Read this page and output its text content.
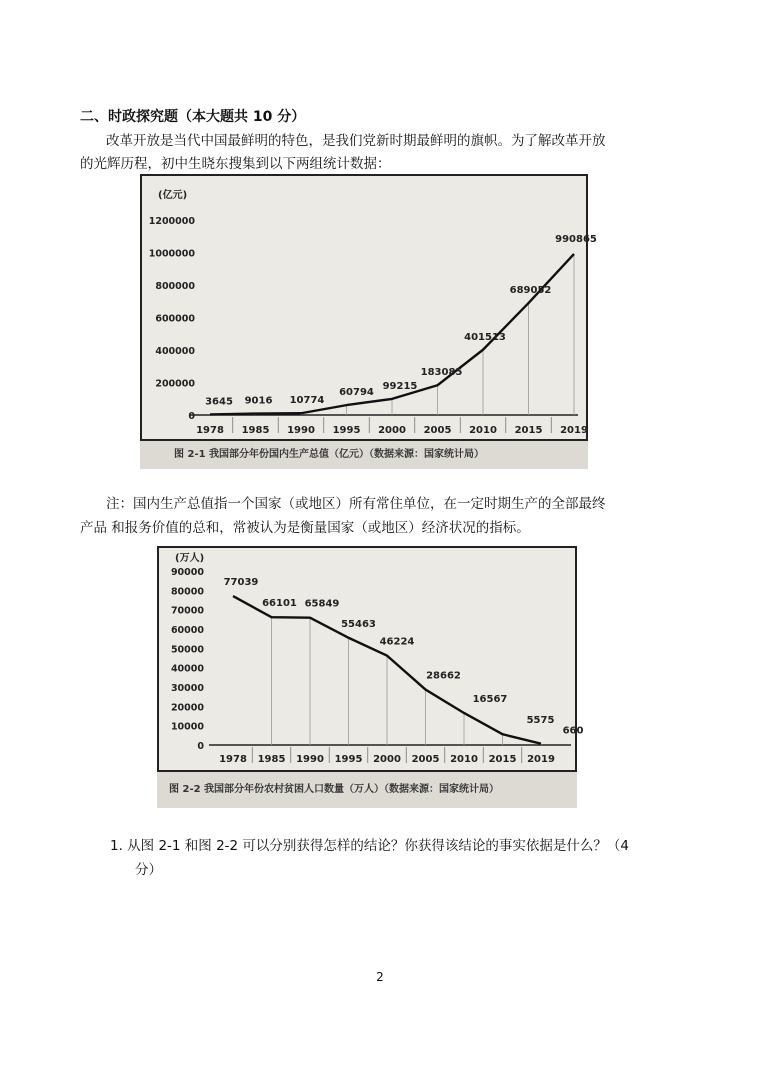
二、时政探究题（本大题共 10 分）
改革开放是当代中国最鲜明的特色，是我们党新时期最鲜明的旗帜。为了解改革开放
的光辉历程，初中生晓东搜集到以下两组统计数据：
(亿元)
0
200000
400000
600000
800000
1000000
1200000
3645 9016 10774
60794
99215
183085
401513
689052
990865
1978 1985 1990 1995 2000 2005 2010 2015 2019
图 2-1 我国部分年份国内生产总值（亿元）（数据来源：国家统计局）
注：国内生产总值指一个国家（或地区）所有常住单位，在一定时期生产的全部最终
产品 和报务价值的总和，常被认为是衡量国家（或地区）经济状况的指标。
(万人)
0
10000
20000
30000
40000
50000
60000
70000
80000
90000
77039
66101 65849
55463
46224
28662
16567
5575
660
1978 1985 1990 1995 2000 2005 2010 2015 2019
图 2-2 我国部分年份农村贫困人口数量（万人）（数据来源：国家统计局）
1. 从图 2-1 和图 2-2 可以分别获得怎样的结论？你获得该结论的事实依据是什么？（4
分）
2
